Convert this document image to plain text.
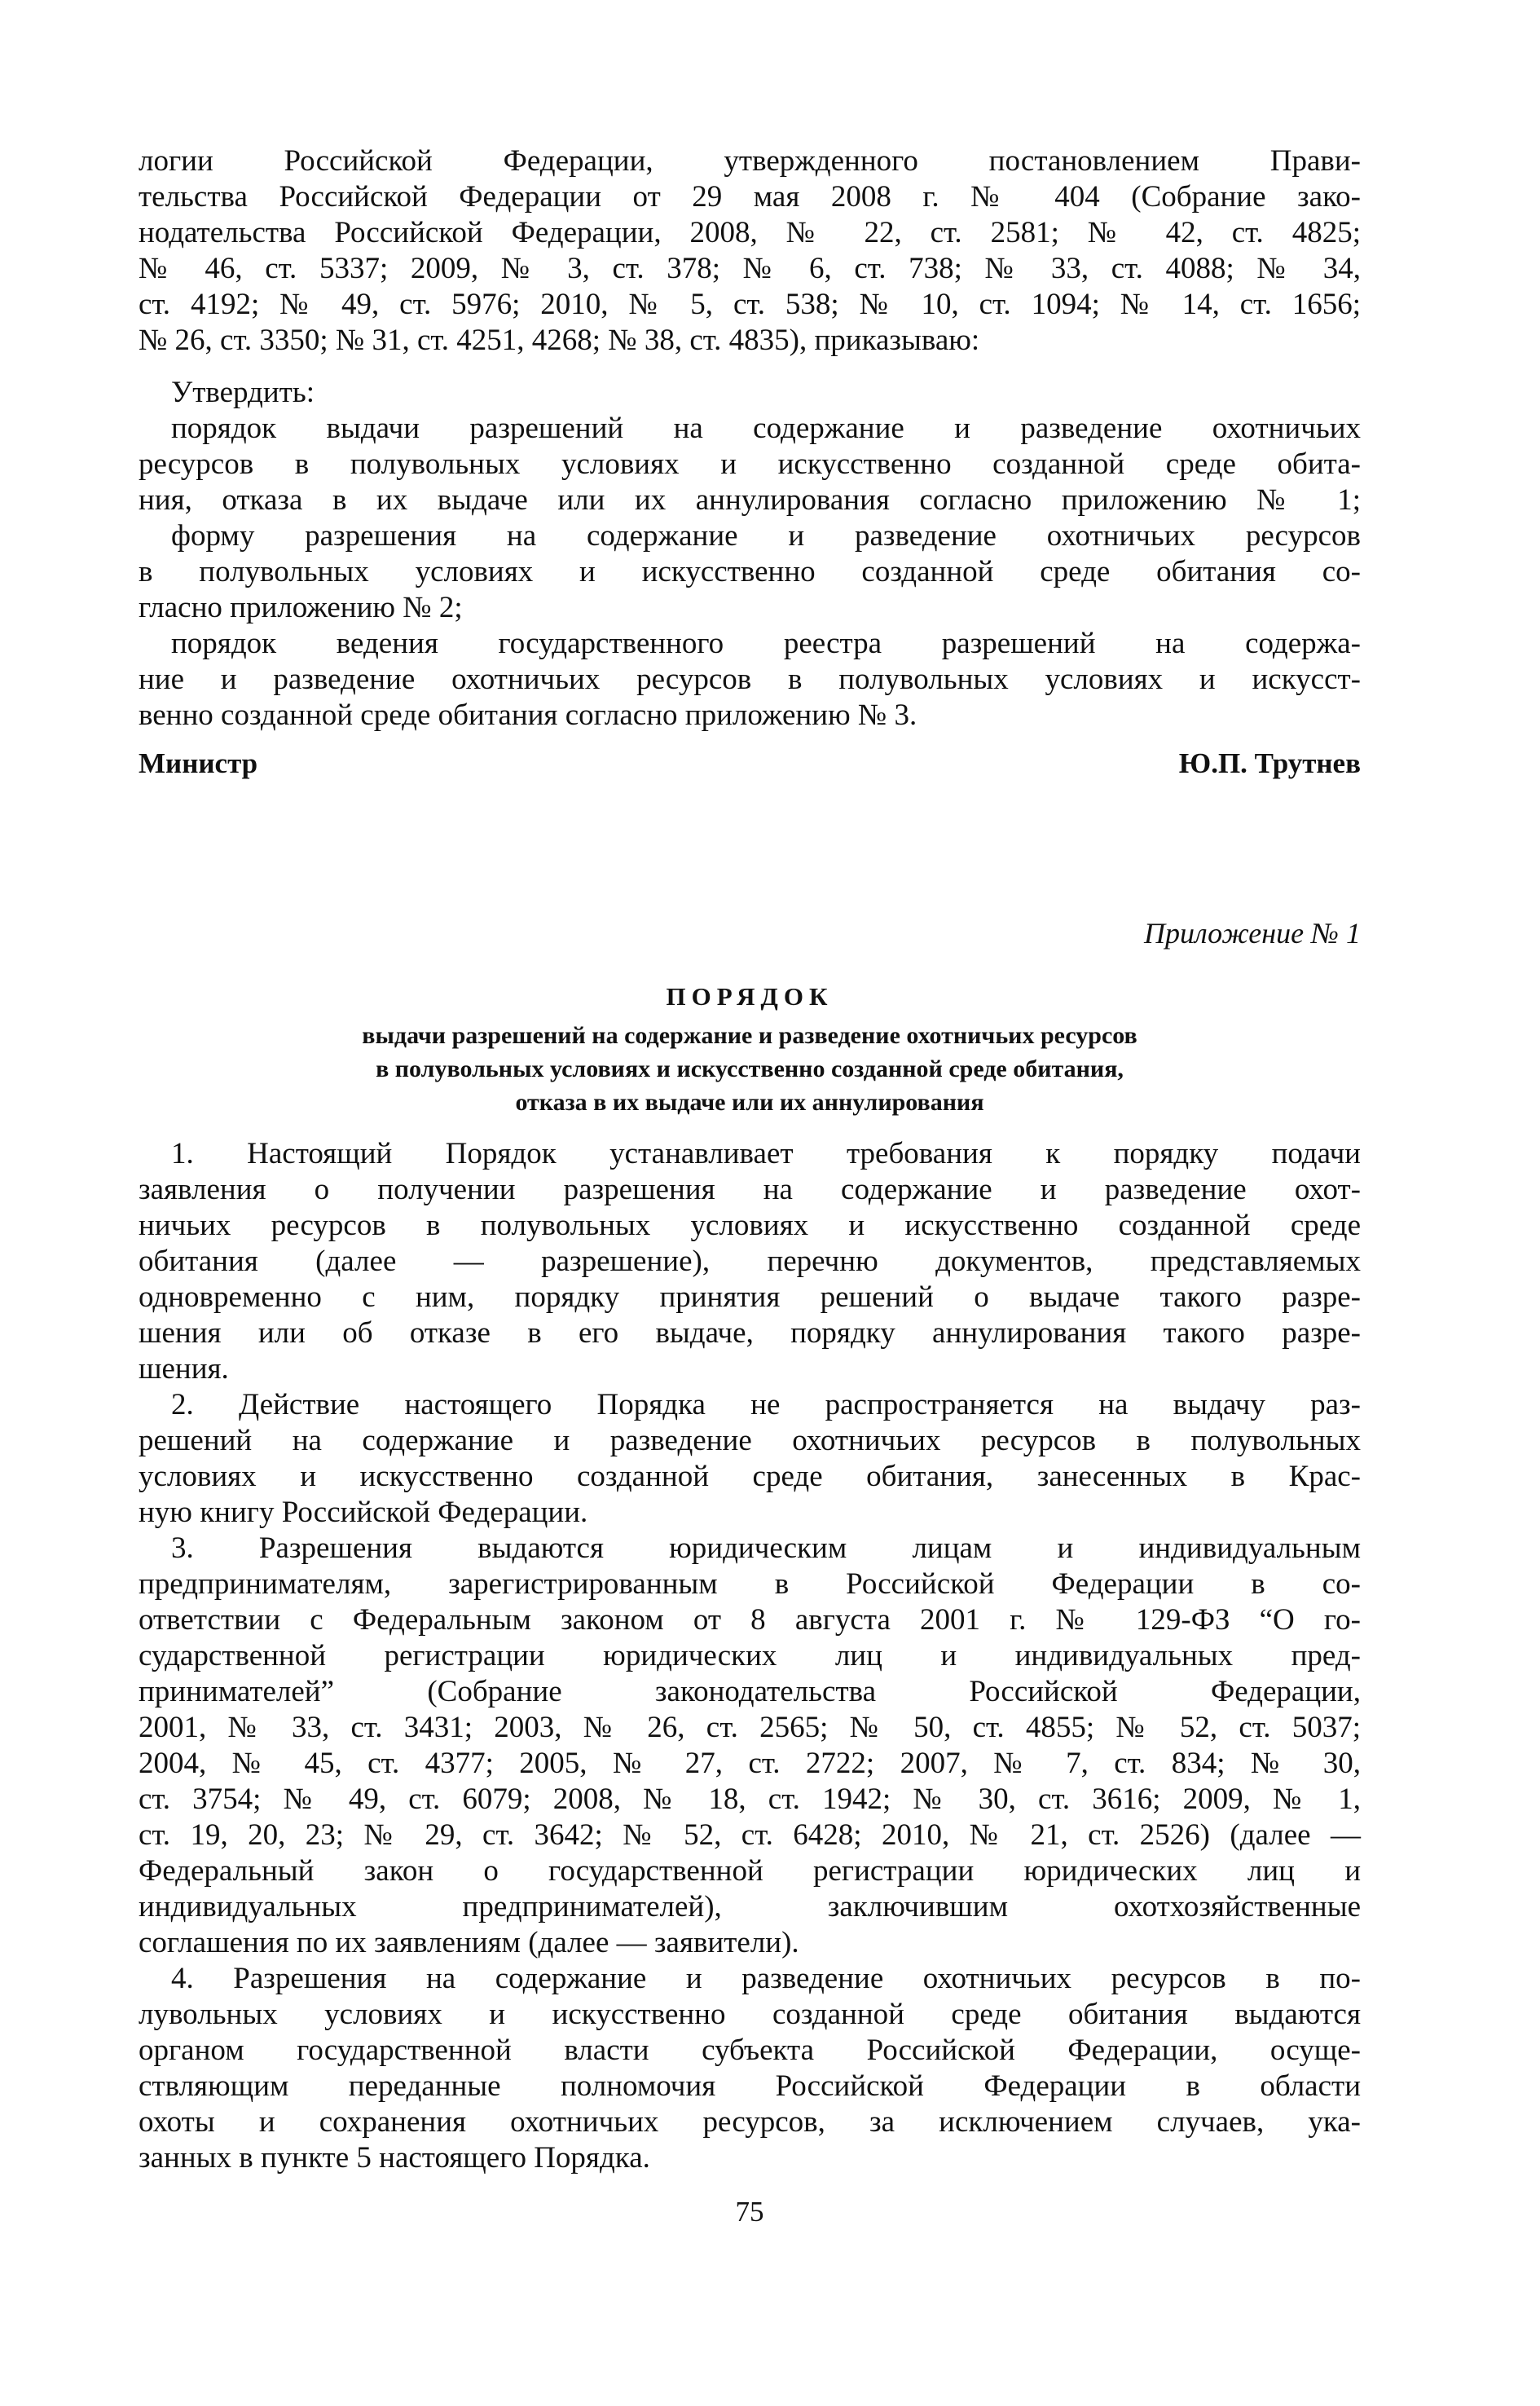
логии Российской Федерации, утвержденного постановлением Прави-
тельства Российской Федерации от 29 мая 2008 г. № 404 (Собрание зако-
нодательства Российской Федерации, 2008, № 22, ст. 2581; № 42, ст. 4825;
№ 46, ст. 5337; 2009, № 3, ст. 378; № 6, ст. 738; № 33, ст. 4088; № 34,
ст. 4192; № 49, ст. 5976; 2010, № 5, ст. 538; № 10, ст. 1094; № 14, ст. 1656;
№ 26, ст. 3350; № 31, ст. 4251, 4268; № 38, ст. 4835), приказываю:
Утвердить:
порядок выдачи разрешений на содержание и разведение охотничьих
ресурсов в полувольных условиях и искусственно созданной среде обита-
ния, отказа в их выдаче или их аннулирования согласно приложению № 1;
форму разрешения на содержание и разведение охотничьих ресурсов
в полувольных условиях и искусственно созданной среде обитания со-
гласно приложению № 2;
порядок ведения государственного реестра разрешений на содержа-
ние и разведение охотничьих ресурсов в полувольных условиях и искусст-
венно созданной среде обитания согласно приложению № 3.
Министр	Ю.П. Трутнев
Приложение № 1
ПОРЯДОК
выдачи разрешений на содержание и разведение охотничьих ресурсов
в полувольных условиях и искусственно созданной среде обитания,
отказа в их выдаче или их аннулирования
1. Настоящий Порядок устанавливает требования к порядку подачи
заявления о получении разрешения на содержание и разведение охот-
ничьих ресурсов в полувольных условиях и искусственно созданной среде
обитания (далее — разрешение), перечню документов, представляемых
одновременно с ним, порядку принятия решений о выдаче такого разре-
шения или об отказе в его выдаче, порядку аннулирования такого разре-
шения.
2. Действие настоящего Порядка не распространяется на выдачу раз-
решений на содержание и разведение охотничьих ресурсов в полувольных
условиях и искусственно созданной среде обитания, занесенных в Крас-
ную книгу Российской Федерации.
3. Разрешения выдаются юридическим лицам и индивидуальным
предпринимателям, зарегистрированным в Российской Федерации в со-
ответствии с Федеральным законом от 8 августа 2001 г. № 129-ФЗ “О го-
сударственной регистрации юридических лиц и индивидуальных пред-
принимателей” (Собрание законодательства Российской Федерации,
2001, № 33, ст. 3431; 2003, № 26, ст. 2565; № 50, ст. 4855; № 52, ст. 5037;
2004, № 45, ст. 4377; 2005, № 27, ст. 2722; 2007, № 7, ст. 834; № 30,
ст. 3754; № 49, ст. 6079; 2008, № 18, ст. 1942; № 30, ст. 3616; 2009, № 1,
ст. 19, 20, 23; № 29, ст. 3642; № 52, ст. 6428; 2010, № 21, ст. 2526) (далее —
Федеральный закон о государственной регистрации юридических лиц и
индивидуальных предпринимателей), заключившим охотхозяйственные
соглашения по их заявлениям (далее — заявители).
4. Разрешения на содержание и разведение охотничьих ресурсов в по-
лувольных условиях и искусственно созданной среде обитания выдаются
органом государственной власти субъекта Российской Федерации, осуще-
ствляющим переданные полномочия Российской Федерации в области
охоты и сохранения охотничьих ресурсов, за исключением случаев, ука-
занных в пункте 5 настоящего Порядка.
75
